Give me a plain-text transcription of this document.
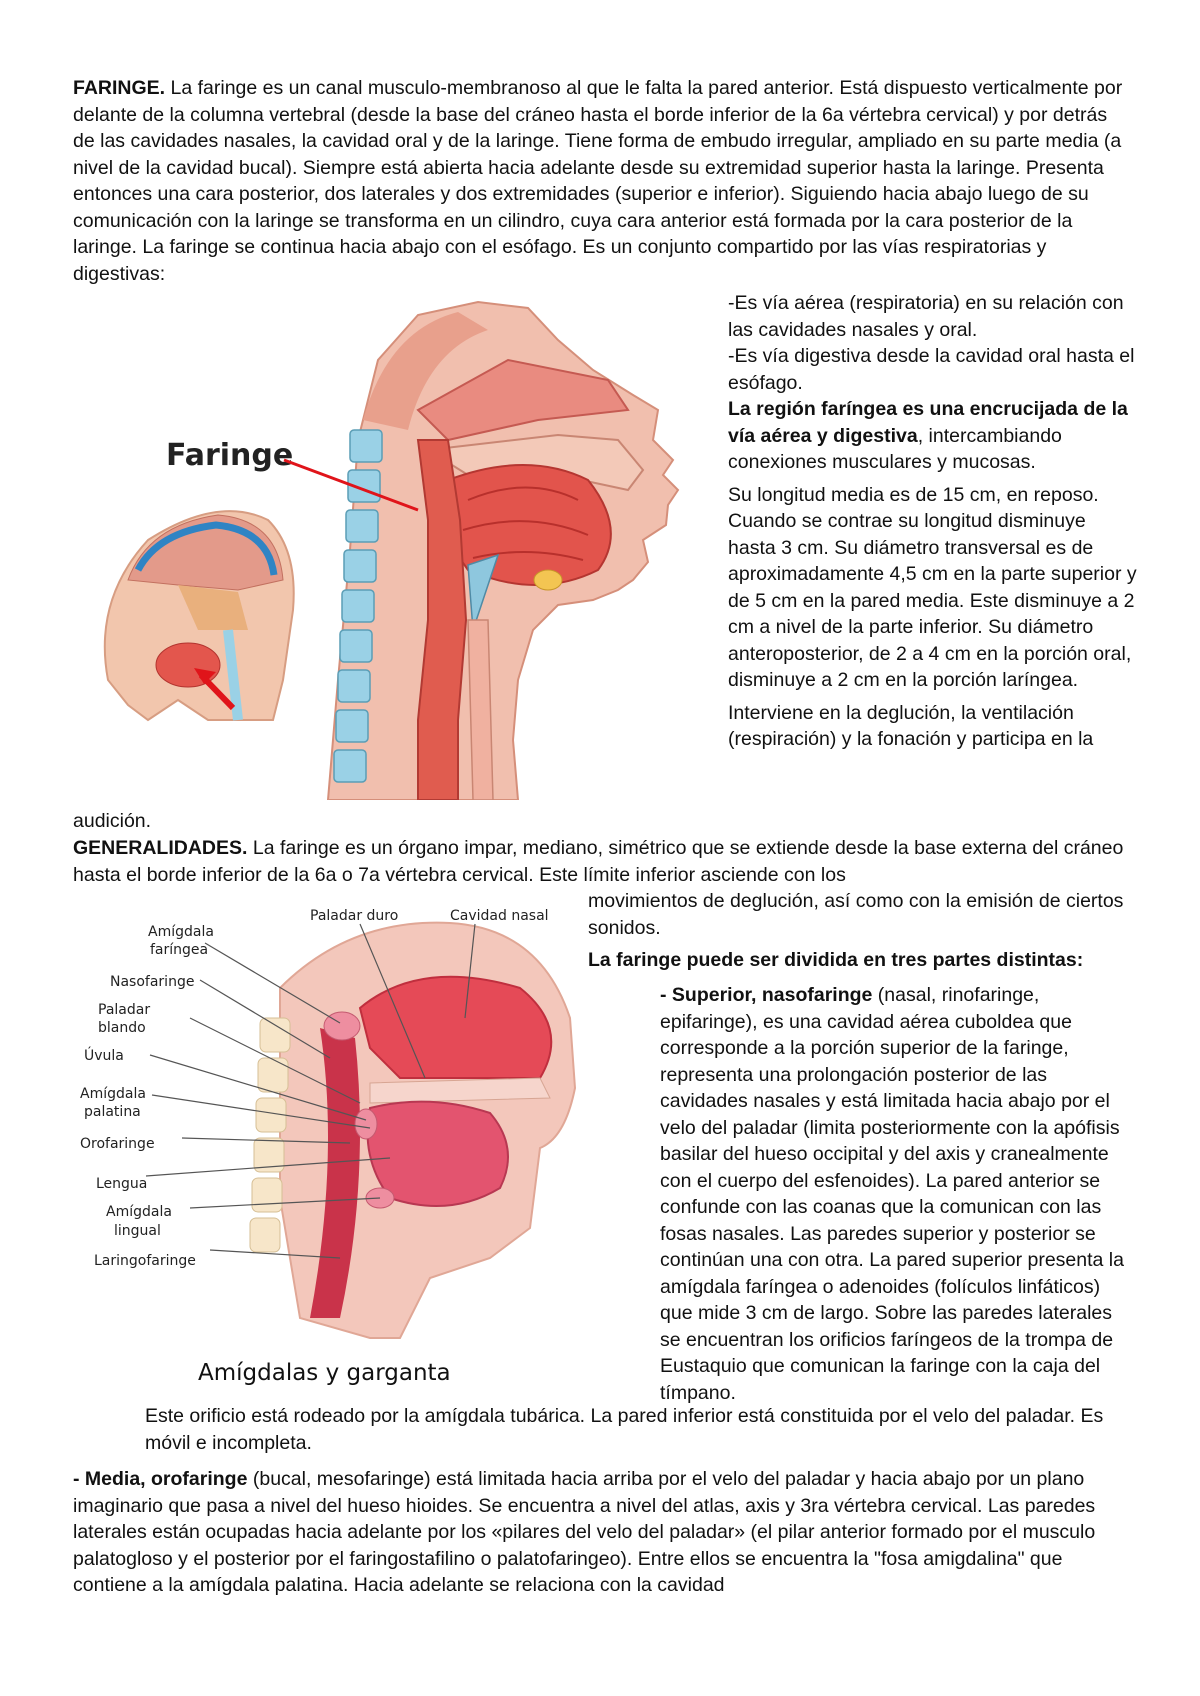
FARINGE. La faringe es un canal musculo-membranoso al que le falta la pared anterior. Está dispuesto verticalmente por delante de la columna vertebral (desde la base del cráneo hasta el borde inferior de la 6a vértebra cervical) y por detrás de las cavidades nasales, la cavidad oral y de la laringe. Tiene forma de embudo irregular, ampliado en su parte media (a nivel de la cavidad bucal). Siempre está abierta hacia adelante desde su extremidad superior hasta la laringe. Presenta entonces una cara posterior, dos laterales y dos extremidades (superior e inferior). Siguiendo hacia abajo luego de su comunicación con la laringe se transforma en un cilindro, cuya cara anterior está formada por la cara posterior de la laringe. La faringe se continua hacia abajo con el esófago. Es un conjunto compartido por las vías respiratorias y digestivas:

Faringe

-Es vía aérea (respiratoria) en su relación con las cavidades nasales y oral.

-Es vía digestiva desde la cavidad oral hasta el esófago.

La región faríngea es una encrucijada de la vía aérea y digestiva, intercambiando conexiones musculares y mucosas.

Su longitud media es de 15 cm, en reposo. Cuando se contrae su longitud disminuye hasta 3 cm. Su diámetro transversal es de aproximadamente 4,5 cm en la parte superior y de 5 cm en la pared media. Este disminuye a 2 cm a nivel de la parte inferior. Su diámetro anteroposterior, de 2 a 4 cm en la porción oral, disminuye a 2 cm en la porción laríngea.

Interviene en la deglución, la ventilación (respiración) y la fonación y participa en la

audición.

GENERALIDADES. La faringe es un órgano impar, mediano, simétrico que se extiende desde la base externa del cráneo hasta el borde inferior de la 6a o 7a vértebra cervical. Este límite inferior asciende con los

movimientos de deglución, así como con la emisión de ciertos sonidos.

La faringe puede ser dividida en tres partes distintas:

Amígdala
faríngea
Nasofaringe
Paladar
blando
Úvula
Amígdala
palatina
Orofaringe
Lengua
Amígdala
lingual
Laringofaringe
Paladar duro	Cavidad nasal
Amígdalas y garganta

- Superior, nasofaringe (nasal, rinofaringe, epifaringe), es una cavidad aérea cuboldea que corresponde a la porción superior de la faringe, representa una prolongación posterior de las cavidades nasales y está limitada hacia abajo por el velo del paladar (limita posteriormente con la apófisis basilar del hueso occipital y del axis y cranealmente con el cuerpo del esfenoides). La pared anterior se confunde con las coanas que la comunican con las fosas nasales. Las paredes superior y posterior se continúan una con otra. La pared superior presenta la amígdala faríngea o adenoides (folículos linfáticos) que mide 3 cm de largo. Sobre las paredes laterales se encuentran los orificios faríngeos de la trompa de Eustaquio que comunican la faringe con la caja del tímpano.

Este orificio está rodeado por la amígdala tubárica. La pared inferior está constituida por el velo del paladar. Es móvil e incompleta.

- Media, orofaringe (bucal, mesofaringe) está limitada hacia arriba por el velo del paladar y hacia abajo por un plano imaginario que pasa a nivel del hueso hioides. Se encuentra a nivel del atlas, axis y 3ra vértebra cervical. Las paredes laterales están ocupadas hacia adelante por los «pilares del velo del paladar» (el pilar anterior formado por el musculo palatogloso y el posterior por el faringostafilino o palatofaringeo). Entre ellos se encuentra la "fosa amigdalina" que contiene a la amígdala palatina. Hacia adelante se relaciona con la cavidad
